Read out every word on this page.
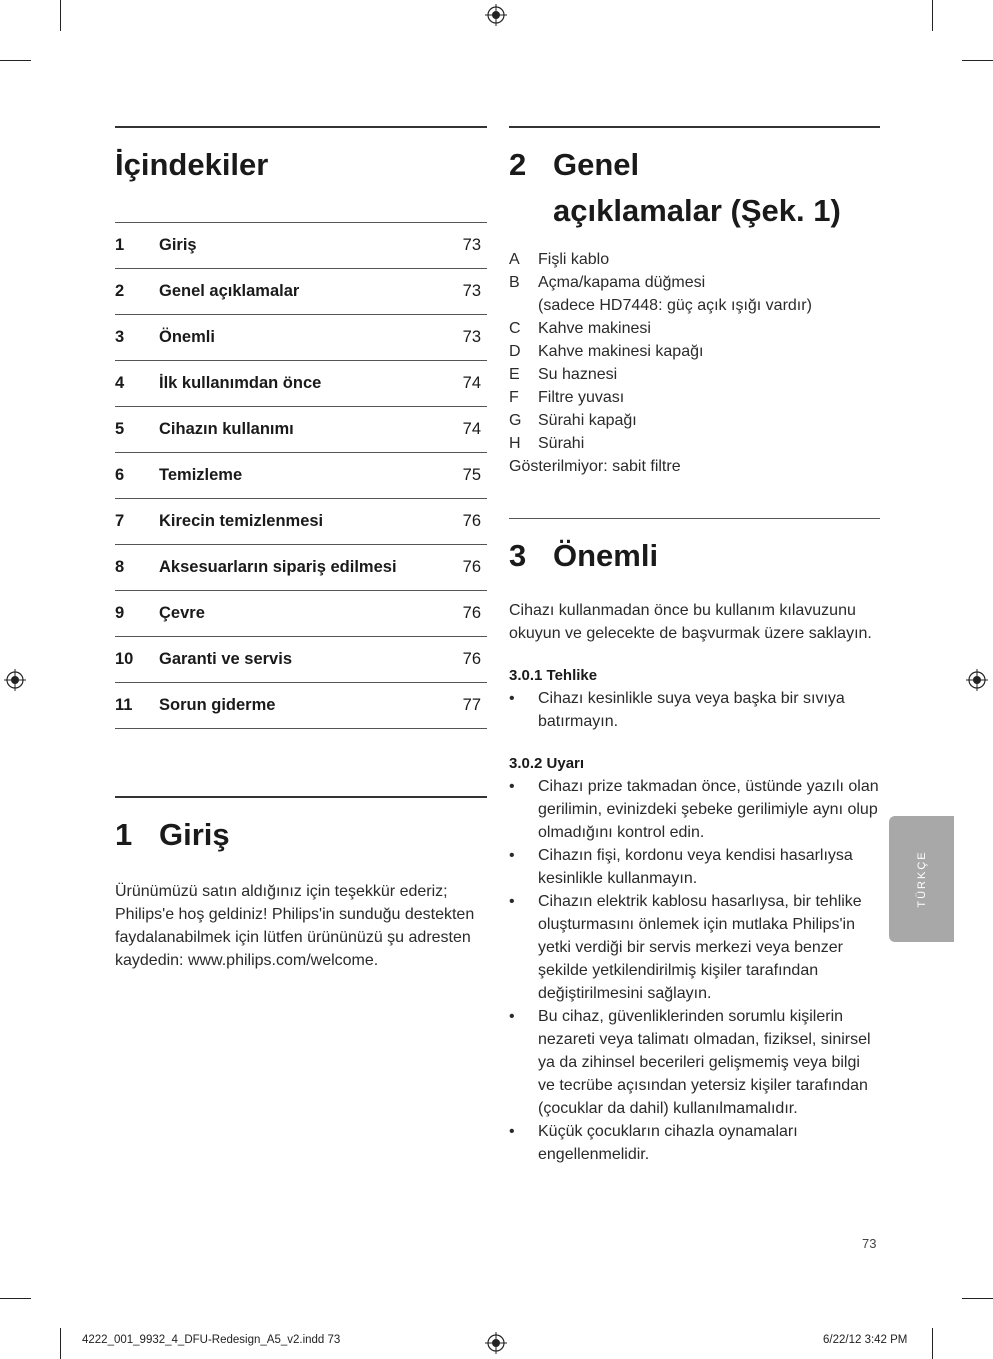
İçindekiler
1	Giriş	73
2	Genel açıklamalar	73
3	Önemli	73
4	İlk kullanımdan önce	74
5	Cihazın kullanımı	74
6	Temizleme	75
7	Kirecin temizlenmesi	76
8	Aksesuarların sipariş edilmesi	76
9	Çevre	76
10	Garanti ve servis	76
11	Sorun giderme	77
1 Giriş

Ürünümüzü satın aldığınız için teşekkür ederiz; Philips'e hoş geldiniz! Philips'in sunduğu destekten faydalanabilmek için lütfen ürününüzü şu adresten kaydedin: www.philips.com/welcome.

2 Genel
açıklamalar (Şek. 1)
A	Fişli kablo
B	Açma/kapama düğmesi
(sadece HD7448: güç açık ışığı vardır)
C	Kahve makinesi
D	Kahve makinesi kapağı
E	Su haznesi
F	Filtre yuvası
G	Sürahi kapağı
H	Sürahi
Gösterilmiyor: sabit filtre
3 Önemli

Cihazı kullanmadan önce bu kullanım kılavuzunu okuyun ve gelecekte de başvurmak üzere saklayın.

3.0.1 Tehlike
•	Cihazı kesinlikle suya veya başka bir sıvıya batırmayın.
3.0.2 Uyarı
•	Cihazı prize takmadan önce, üstünde yazılı olan gerilimin, evinizdeki şebeke gerilimiyle aynı olup olmadığını kontrol edin.
•	Cihazın fişi, kordonu veya kendisi hasarlıysa kesinlikle kullanmayın.
•	Cihazın elektrik kablosu hasarlıysa, bir tehlike oluşturmasını önlemek için mutlaka Philips'in yetki verdiği bir servis merkezi veya benzer şekilde yetkilendirilmiş kişiler tarafından değiştirilmesini sağlayın.
•	Bu cihaz, güvenliklerinden sorumlu kişilerin nezareti veya talimatı olmadan, fiziksel, sinirsel ya da zihinsel becerileri gelişmemiş veya bilgi ve tecrübe açısından yetersiz kişiler tarafından (çocuklar da dahil) kullanılmamalıdır.
•	Küçük çocukların cihazla oynamaları engellenmelidir.
TÜRKÇE
73
4222_001_9932_4_DFU-Redesign_A5_v2.indd 73	6/22/12 3:42 PM
